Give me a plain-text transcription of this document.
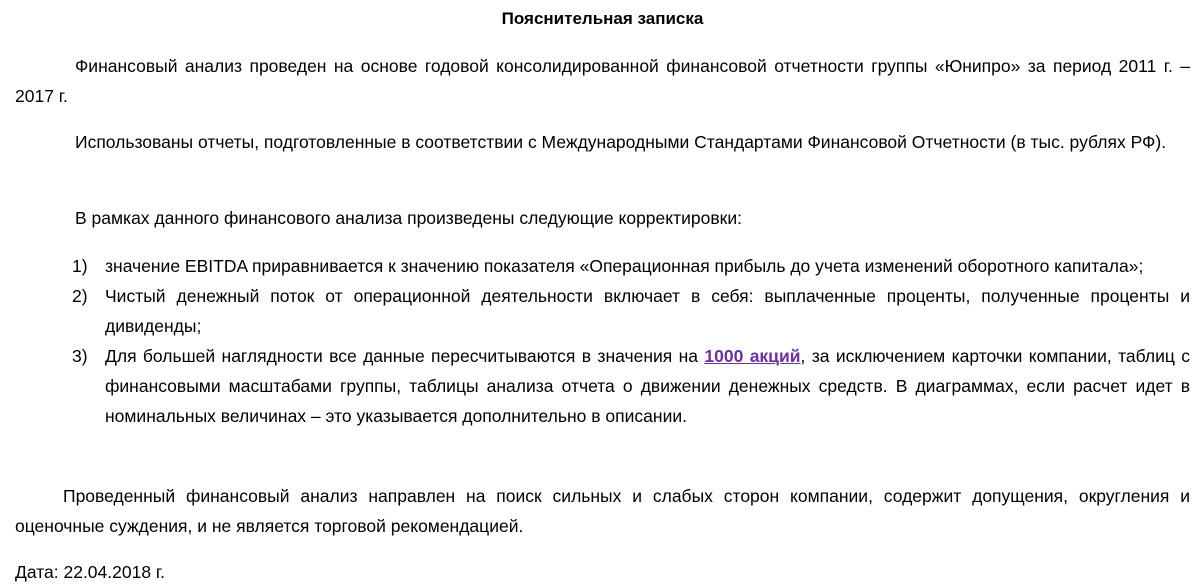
Пояснительная записка

Финансовый анализ проведен на основе годовой консолидированной финансовой отчетности группы «Юнипро» за период 2011 г. – 2017 г.

Использованы отчеты, подготовленные в соответствии с Международными Стандартами Финансовой Отчетности (в тыс. рублях РФ).

В рамках данного финансового анализа произведены следующие корректировки:

1) значение EBITDA приравнивается к значению показателя «Операционная прибыль до учета изменений оборотного капитала»;
2) Чистый денежный поток от операционной деятельности включает в себя: выплаченные проценты, полученные проценты и дивиденды;
3) Для большей наглядности все данные пересчитываются в значения на 1000 акций, за исключением карточки компании, таблиц с финансовыми масштабами группы, таблицы анализа отчета о движении денежных средств. В диаграммах, если расчет идет в номинальных величинах – это указывается дополнительно в описании.

Проведенный финансовый анализ направлен на поиск сильных и слабых сторон компании, содержит допущения, округления и оценочные суждения, и не является торговой рекомендацией.

Дата: 22.04.2018 г.
